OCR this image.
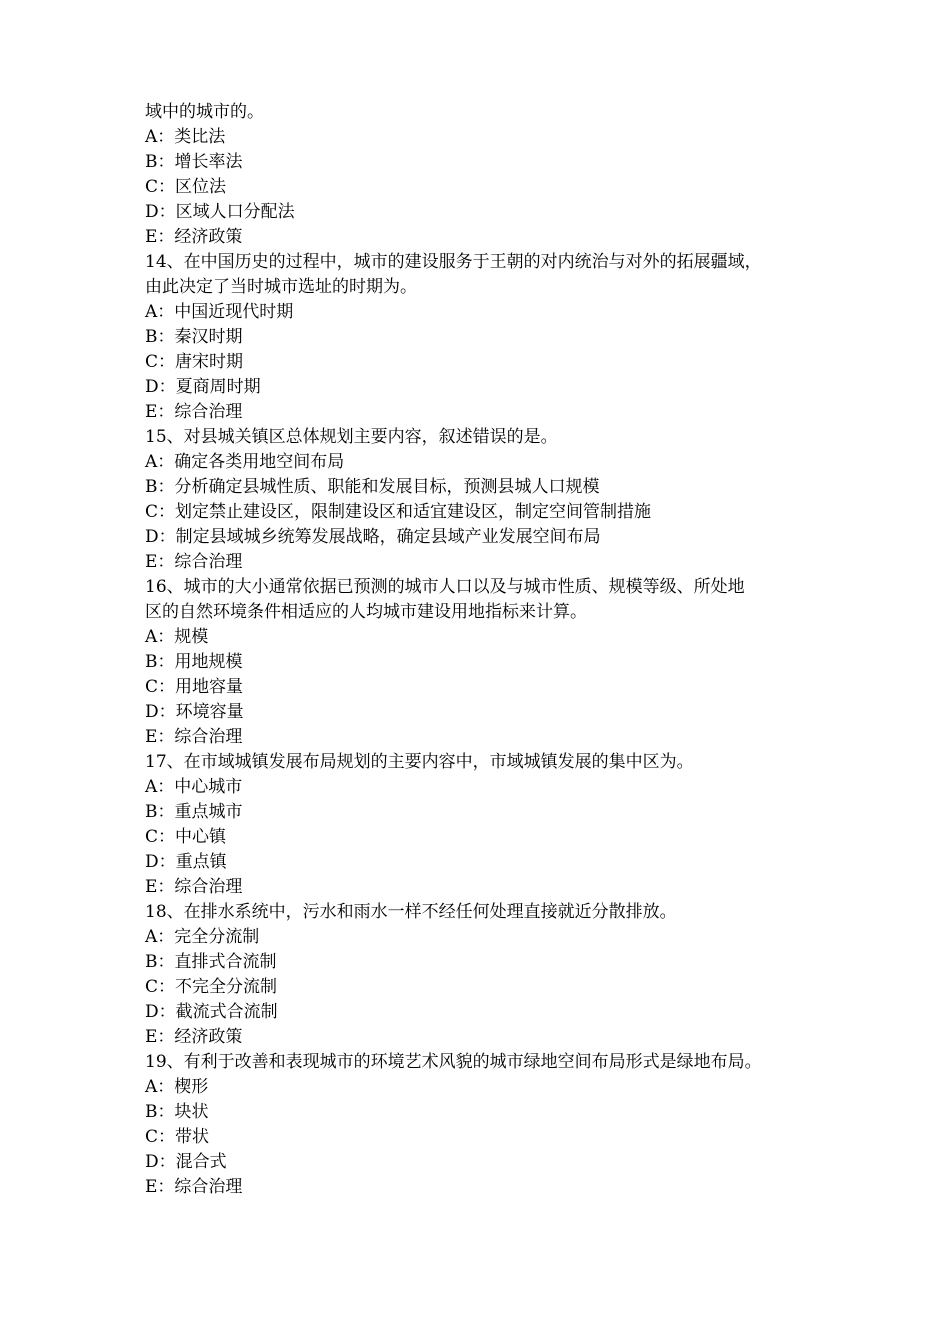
域中的城市的。
A：类比法
B：增长率法
C：区位法
D：区域人口分配法
E：经济政策
14、在中国历史的过程中，城市的建设服务于王朝的对内统治与对外的拓展疆域，
由此决定了当时城市选址的时期为。
A：中国近现代时期
B：秦汉时期
C：唐宋时期
D：夏商周时期
E：综合治理
15、对县城关镇区总体规划主要内容，叙述错误的是。
A：确定各类用地空间布局
B：分析确定县城性质、职能和发展目标，预测县城人口规模
C：划定禁止建设区，限制建设区和适宜建设区，制定空间管制措施
D：制定县域城乡统筹发展战略，确定县域产业发展空间布局
E：综合治理
16、城市的大小通常依据已预测的城市人口以及与城市性质、规模等级、所处地
区的自然环境条件相适应的人均城市建设用地指标来计算。
A：规模
B：用地规模
C：用地容量
D：环境容量
E：综合治理
17、在市域城镇发展布局规划的主要内容中，市域城镇发展的集中区为。
A：中心城市
B：重点城市
C：中心镇
D：重点镇
E：综合治理
18、在排水系统中，污水和雨水一样不经任何处理直接就近分散排放。
A：完全分流制
B：直排式合流制
C：不完全分流制
D：截流式合流制
E：经济政策
19、有利于改善和表现城市的环境艺术风貌的城市绿地空间布局形式是绿地布局。
A：楔形
B：块状
C：带状
D：混合式
E：综合治理
